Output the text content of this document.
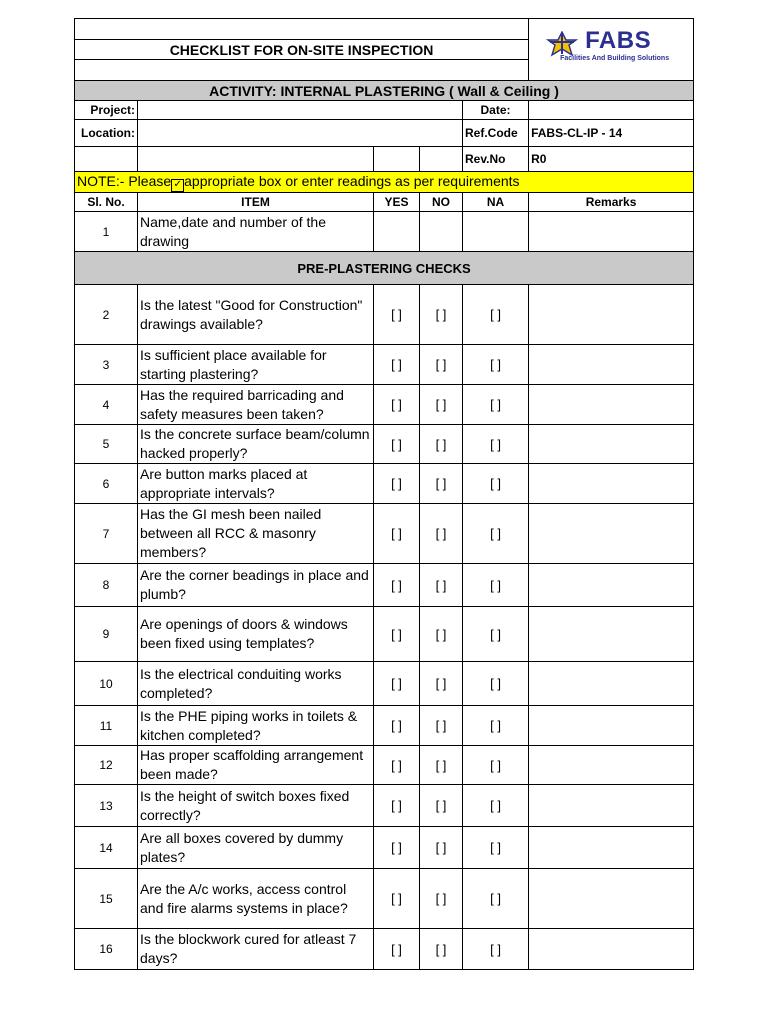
					FABS
Facilities And Building Solutions

CHECKLIST FOR ON-SITE INSPECTION					

ACTIVITY: INTERNAL PLASTERING ( Wall & Ceiling )					
Project:				Date:	
Location:				Ref.Code	FABS-CL-IP - 14
				Rev.No	R0
NOTE:- Please ✓ appropriate box or enter readings as per requirements					
Sl. No.	ITEM	YES	NO	NA	Remarks
1	Name,date and number of the drawing				
PRE-PLASTERING CHECKS					
2	Is the latest "Good for Construction" drawings available?	[ ]	[ ]	[ ]	
3	Is sufficient place available for starting plastering?	[ ]	[ ]	[ ]	
4	Has the required barricading and safety measures been taken?	[ ]	[ ]	[ ]	
5	Is the concrete surface beam/column hacked properly?	[ ]	[ ]	[ ]	
6	Are button marks placed at appropriate intervals?	[ ]	[ ]	[ ]	
7	Has the GI mesh been nailed between all RCC & masonry members?	[ ]	[ ]	[ ]	
8	Are the corner beadings in place and plumb?	[ ]	[ ]	[ ]	
9	Are openings of doors & windows been fixed using templates?	[ ]	[ ]	[ ]	
10	Is the electrical conduiting works completed?	[ ]	[ ]	[ ]	
11	Is the PHE piping works in toilets & kitchen completed?	[ ]	[ ]	[ ]	
12	Has proper scaffolding arrangement been made?	[ ]	[ ]	[ ]	
13	Is the height of switch boxes fixed correctly?	[ ]	[ ]	[ ]	
14	Are all boxes covered by dummy plates?	[ ]	[ ]	[ ]	
15	Are the A/c works, access control and fire alarms systems in place?	[ ]	[ ]	[ ]	
16	Is the blockwork cured for atleast 7 days?	[ ]	[ ]	[ ]	
